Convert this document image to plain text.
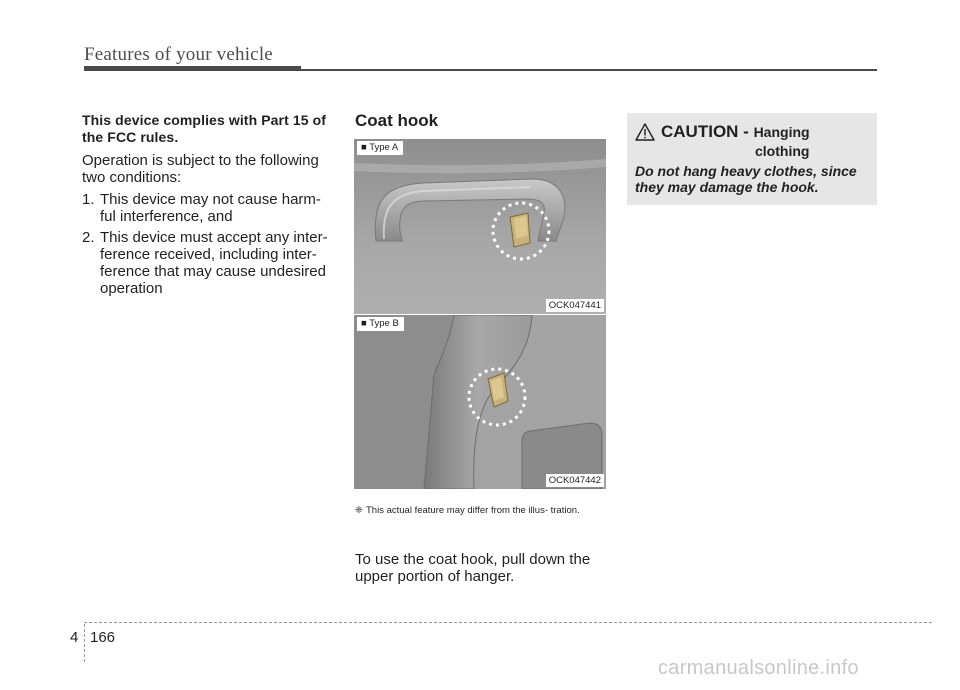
Features of your vehicle

This device complies with Part 15 of the FCC rules.

Operation is subject to the following two conditions:

1. This device may not cause harm- ful interference, and
2. This device must accept any inter- ference received, including inter- ference that may cause undesired operation
Coat hook
■ Type A
OCK047441
■ Type B
OCK047442
❈ This actual feature may differ from the illus- tration.

To use the coat hook, pull down the upper portion of hanger.

CAUTION - Hanging
clothing
Do not hang heavy clothes, since they may damage the hook.
4 166
carmanualsonline.info
